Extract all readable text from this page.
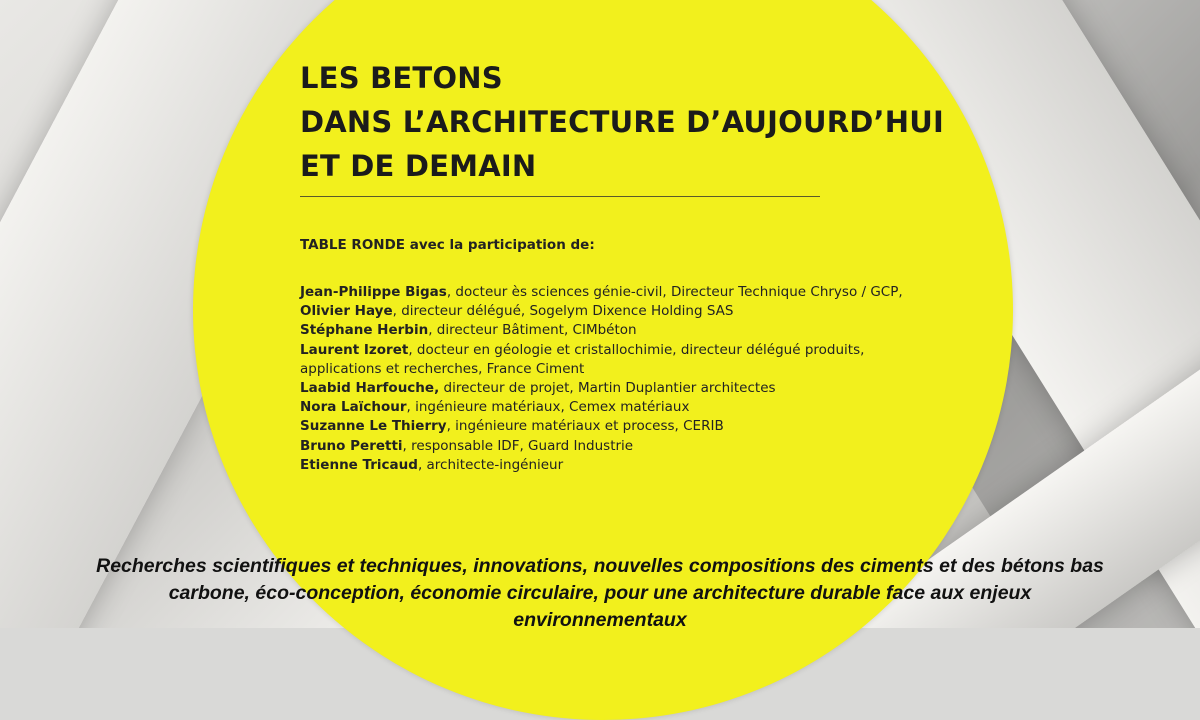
LES BETONS
DANS L’ARCHITECTURE D’AUJOURD’HUI
ET DE DEMAIN
TABLE RONDE avec la participation de:
Jean-Philippe Bigas, docteur ès sciences génie-civil, Directeur Technique Chryso / GCP,
Olivier Haye, directeur délégué, Sogelym Dixence Holding SAS
Stéphane Herbin, directeur Bâtiment, CIMbéton
Laurent Izoret, docteur en géologie et cristallochimie, directeur délégué produits,
applications et recherches, France Ciment
Laabid Harfouche, directeur de projet, Martin Duplantier architectes
Nora Laïchour, ingénieure matériaux, Cemex matériaux
Suzanne Le Thierry, ingénieure matériaux et process, CERIB
Bruno Peretti, responsable IDF, Guard Industrie
Etienne Tricaud, architecte-ingénieur
Recherches scientifiques et techniques, innovations, nouvelles compositions des ciments et des bétons bas
carbone, éco-conception, économie circulaire, pour une architecture durable face aux enjeux
environnementaux
